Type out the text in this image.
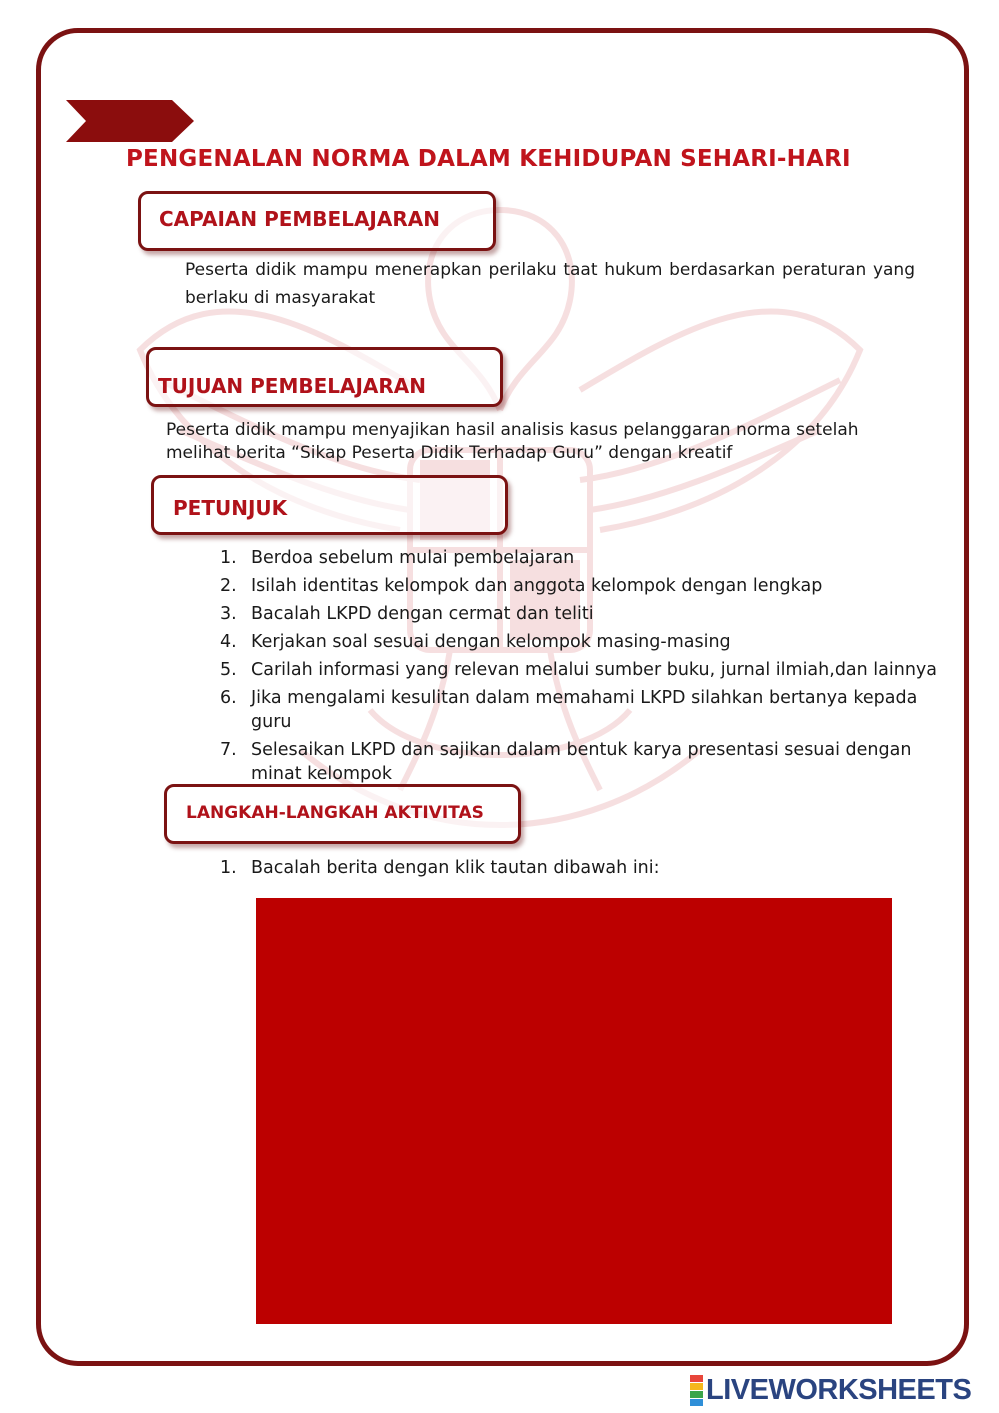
PENGENALAN NORMA DALAM KEHIDUPAN SEHARI-HARI
CAPAIAN PEMBELAJARAN

Peserta didik mampu menerapkan perilaku taat hukum berdasarkan peraturan yang berlaku di masyarakat

TUJUAN PEMBELAJARAN

Peserta didik mampu menyajikan hasil analisis kasus pelanggaran norma setelah melihat berita “Sikap Peserta Didik Terhadap Guru” dengan kreatif

PETUNJUK
1. Berdoa sebelum mulai pembelajaran
2. Isilah identitas kelompok dan anggota kelompok dengan lengkap
3. Bacalah LKPD dengan cermat dan teliti
4. Kerjakan soal sesuai dengan kelompok masing-masing
5. Carilah informasi yang relevan melalui sumber buku, jurnal ilmiah,dan lainnya
6. Jika mengalami kesulitan dalam memahami LKPD silahkan bertanya kepada guru
7. Selesaikan LKPD dan sajikan dalam bentuk karya presentasi sesuai dengan minat kelompok
LANGKAH-LANGKAH AKTIVITAS

1. Bacalah berita dengan klik tautan dibawah ini:

LIVEWORKSHEETS
